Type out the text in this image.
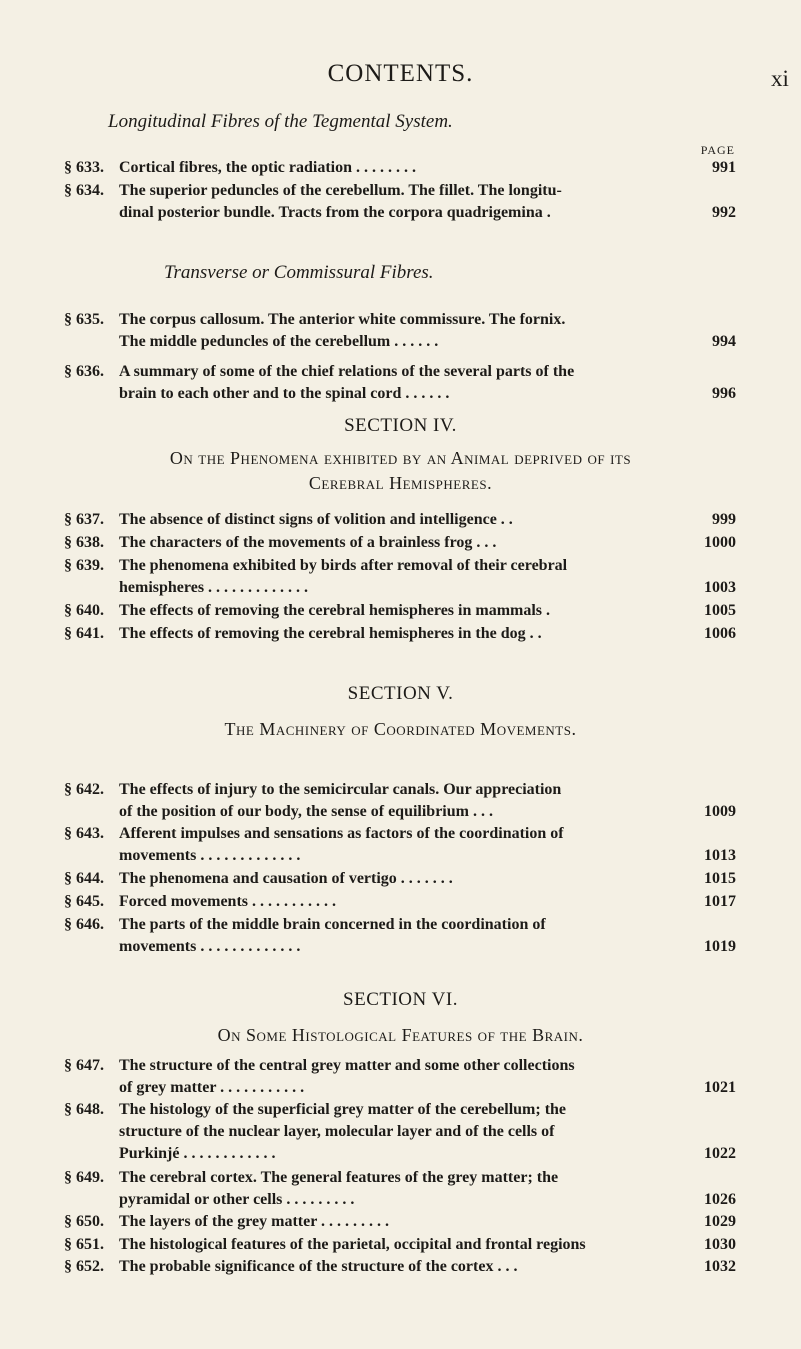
CONTENTS.	xi
PAGE
Longitudinal Fibres of the Tegmental System.
§ 633. Cortical fibres, the optic radiation . . . . . . . .	991
§ 634. The superior peduncles of the cerebellum. The fillet. The longitu-
dinal posterior bundle. Tracts from the corpora quadrigemina .	992
Transverse or Commissural Fibres.
§ 635. The corpus callosum. The anterior white commissure. The fornix.
The middle peduncles of the cerebellum . . . . . .	994
§ 636. A summary of some of the chief relations of the several parts of the
brain to each other and to the spinal cord . . . . . .	996
SECTION IV.
On the Phenomena exhibited by an Animal deprived of its
Cerebral Hemispheres.
§ 637. The absence of distinct signs of volition and intelligence . .	999
§ 638. The characters of the movements of a brainless frog . . .	1000
§ 639. The phenomena exhibited by birds after removal of their cerebral
hemispheres . . . . . . . . . . . . .	1003
§ 640. The effects of removing the cerebral hemispheres in mammals .	1005
§ 641. The effects of removing the cerebral hemispheres in the dog . .	1006
SECTION V.
The Machinery of Coordinated Movements.
§ 642. The effects of injury to the semicircular canals. Our appreciation
of the position of our body, the sense of equilibrium . . .	1009
§ 643. Afferent impulses and sensations as factors of the coordination of
movements . . . . . . . . . . . . .	1013
§ 644. The phenomena and causation of vertigo . . . . . . .	1015
§ 645. Forced movements . . . . . . . . . . .	1017
§ 646. The parts of the middle brain concerned in the coordination of
movements . . . . . . . . . . . . .	1019
SECTION VI.
On Some Histological Features of the Brain.
§ 647. The structure of the central grey matter and some other collections
of grey matter . . . . . . . . . . .	1021
§ 648. The histology of the superficial grey matter of the cerebellum; the
structure of the nuclear layer, molecular layer and of the cells of
Purkinjé . . . . . . . . . . . .	1022
§ 649. The cerebral cortex. The general features of the grey matter; the
pyramidal or other cells . . . . . . . . .	1026
§ 650. The layers of the grey matter . . . . . . . . .	1029
§ 651. The histological features of the parietal, occipital and frontal regions	1030
§ 652. The probable significance of the structure of the cortex . . .	1032
